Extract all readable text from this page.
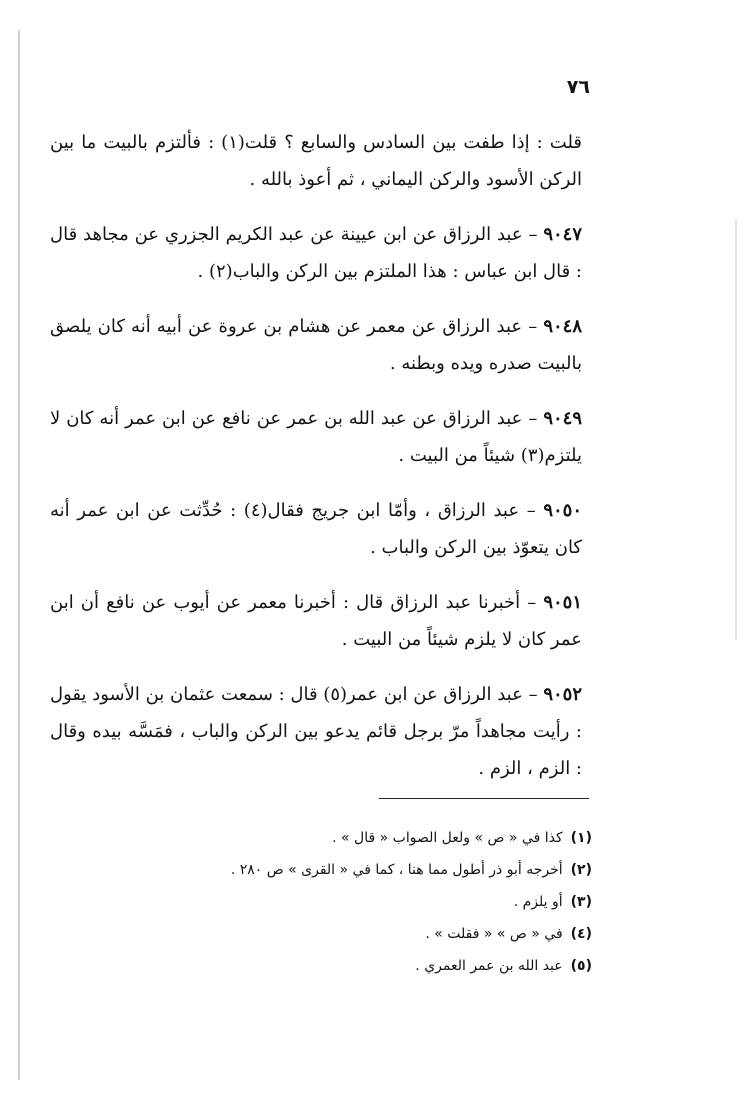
٧٦

قلت : إذا طفت بين السادس والسابع ؟ قلت(١) : فألتزم بالبيت ما بين الركن الأسود والركن اليماني ، ثم أعوذ بالله .

٩٠٤٧ – عبد الرزاق عن ابن عيينة عن عبد الكريم الجزري عن مجاهد قال : قال ابن عباس : هذا الملتزم بين الركن والباب(٢) .

٩٠٤٨ – عبد الرزاق عن معمر عن هشام بن عروة عن أبيه أنه كان يلصق بالبيت صدره ويده وبطنه .

٩٠٤٩ – عبد الرزاق عن عبد الله بن عمر عن نافع عن ابن عمر أنه كان لا يلتزم(٣) شيئاً من البيت .

٩٠٥٠ – عبد الرزاق ، وأمّا ابن جريج فقال(٤) : حُدِّثت عن ابن عمر أنه كان يتعوّذ بين الركن والباب .

٩٠٥١ – أخبرنا عبد الرزاق قال : أخبرنا معمر عن أيوب عن نافع أن ابن عمر كان لا يلزم شيئاً من البيت .

٩٠٥٢ – عبد الرزاق عن ابن عمر(٥) قال : سمعت عثمان بن الأسود يقول : رأيت مجاهداً مرّ برجل قائم يدعو بين الركن والباب ، فمَسَّه بيده وقال : الزم ، الزم .

(١)كذا في « ص » ولعل الصواب « قال » .
(٢)أخرجه أبو ذر أطول مما هنا ، كما في « القرى » ص ٢٨٠ .
(٣)أو يلزم .
(٤)في « ص » « فقلت » .
(٥)عبد الله بن عمر العمري .
